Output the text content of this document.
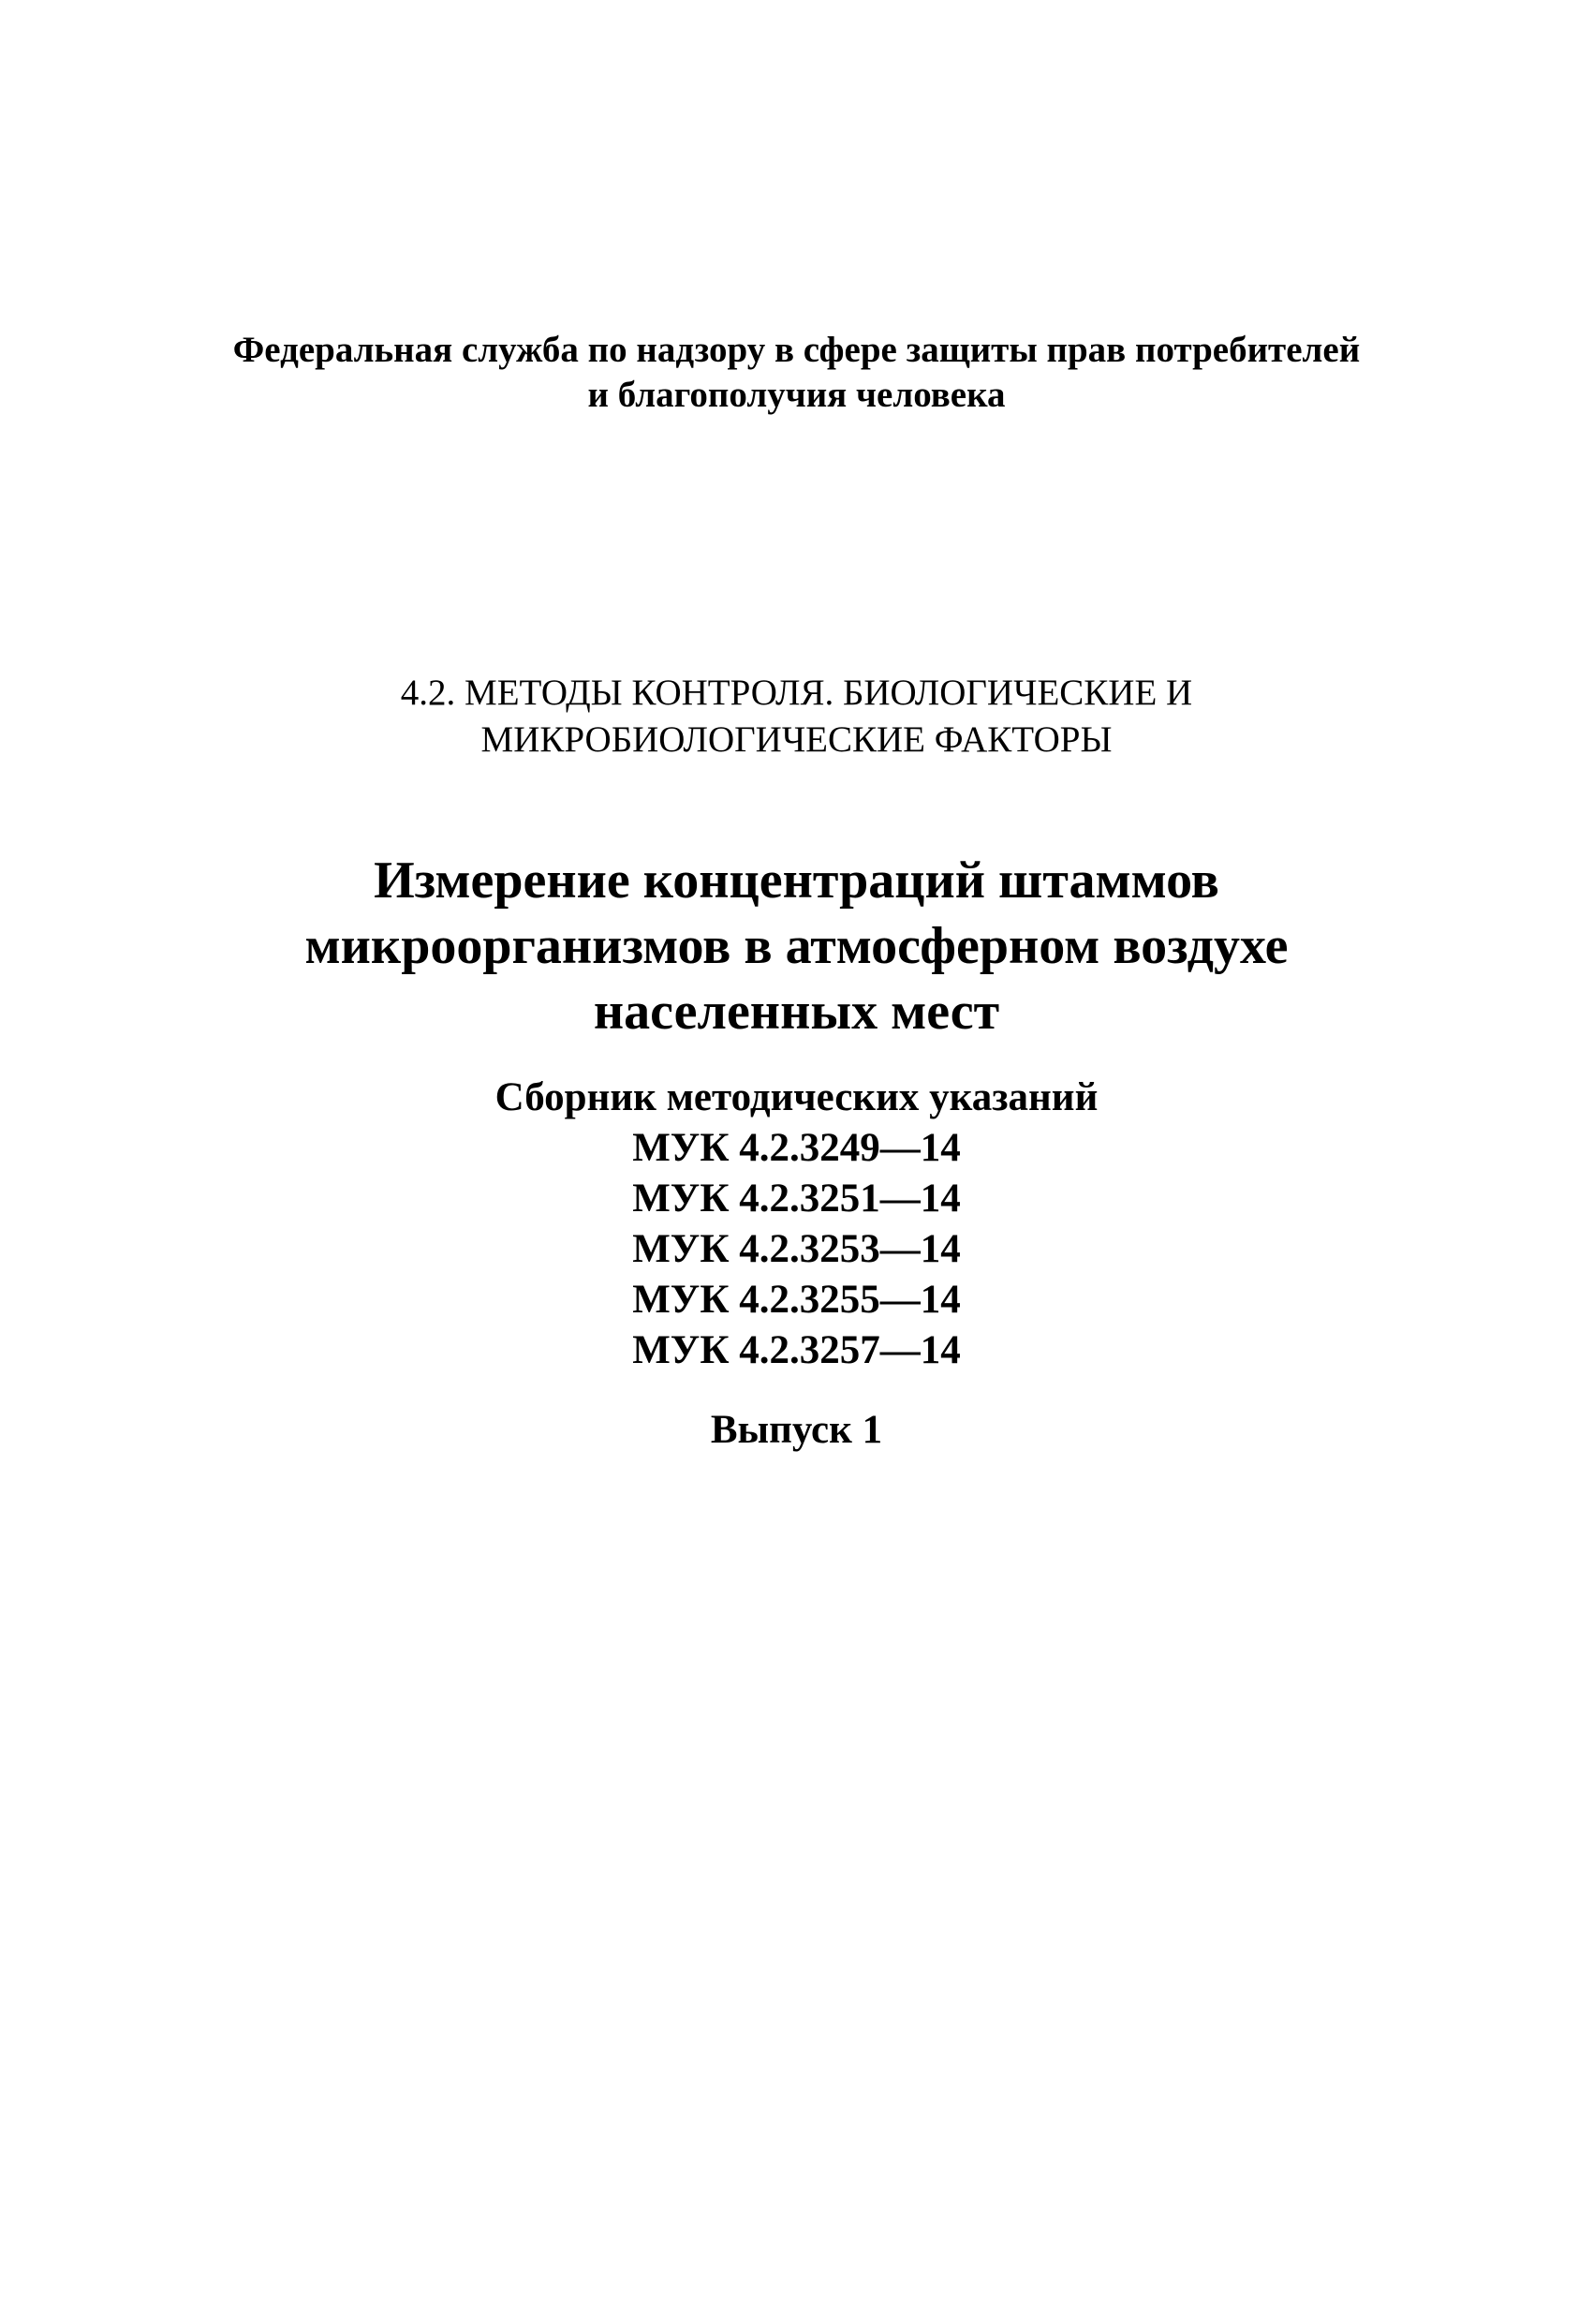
Федеральная служба по надзору в сфере защиты прав потребителей
и благополучия человека
4.2. МЕТОДЫ КОНТРОЛЯ. БИОЛОГИЧЕСКИЕ И
МИКРОБИОЛОГИЧЕСКИЕ ФАКТОРЫ
Измерение концентраций штаммов
микроорганизмов в атмосферном воздухе
населенных мест
Сборник методических указаний
МУК 4.2.3249—14
МУК 4.2.3251—14
МУК 4.2.3253—14
МУК 4.2.3255—14
МУК 4.2.3257—14
Выпуск 1
